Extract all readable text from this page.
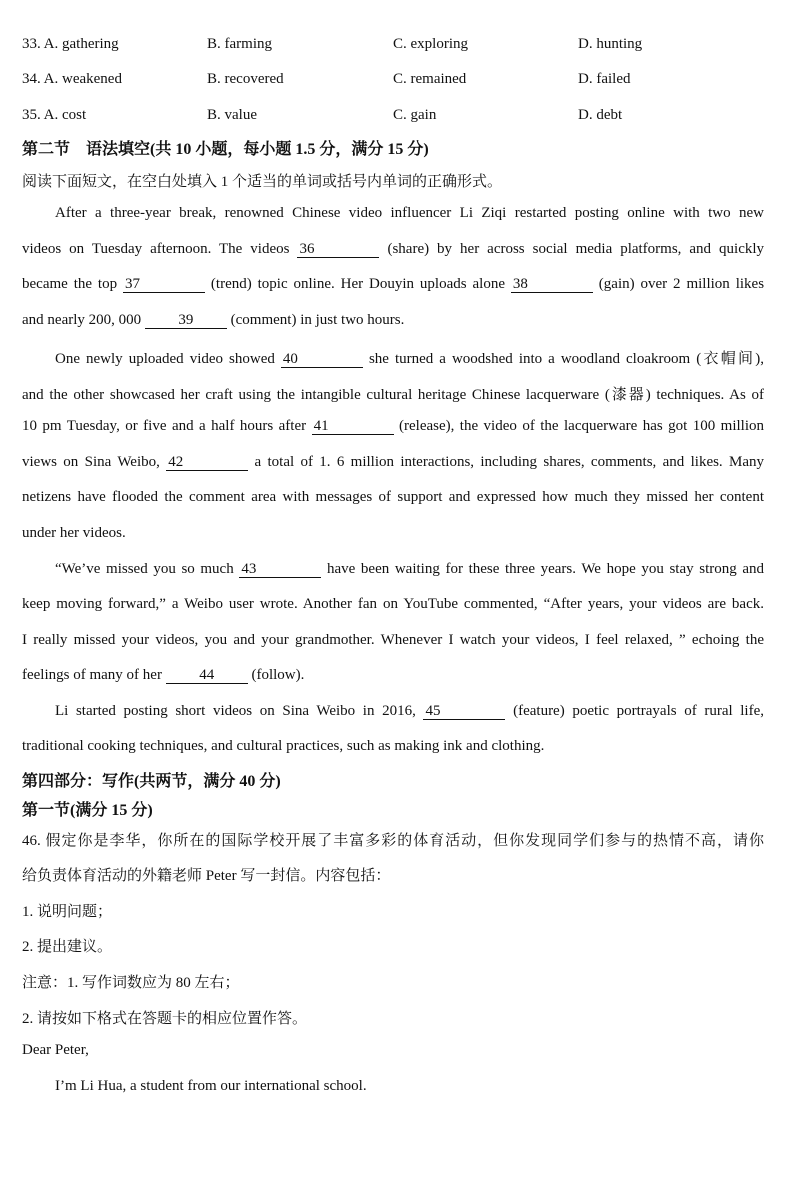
33. A. gathering	B. farming	C. exploring	D. hunting
34. A. weakened	B. recovered	C. remained	D. failed
35. A. cost	B. value	C. gain	D. debt
第二节　语法填空(共 10 小题，每小题 1.5 分，满分 15 分)
阅读下面短文，在空白处填入 1 个适当的单词或括号内单词的正确形式。
After a three-year break, renowned Chinese video influencer Li Ziqi restarted posting online with two new
videos on Tuesday afternoon. The videos 36	(share) by her across social media platforms, and quickly
became the top 37	(trend) topic online. Her Douyin uploads alone 38	(gain) over 2 million likes
and nearly 200, 000 39 (comment) in just two hours.
One newly uploaded video showed 40	she turned a woodshed into a woodland cloakroom (衣帽间),
and the other showcased her craft using the intangible cultural heritage Chinese lacquerware (漆器) techniques. As of
10 pm Tuesday, or five and a half hours after 41	(release), the video of the lacquerware has got 100 million
views on Sina Weibo, 42	a total of 1. 6 million interactions, including shares, comments, and likes. Many
netizens have flooded the comment area with messages of support and expressed how much they missed her content
under her videos.
“We’ve missed you so much 43	have been waiting for these three years. We hope you stay strong and
keep moving forward,” a Weibo user wrote. Another fan on YouTube commented, “After years, your videos are back.
I really missed your videos, you and your grandmother. Whenever I watch your videos, I feel relaxed, ” echoing the
feelings of many of her 44 (follow).
Li started posting short videos on Sina Weibo in 2016, 45	(feature) poetic portrayals of rural life,
traditional cooking techniques, and cultural practices, such as making ink and clothing.
第四部分：写作(共两节，满分 40 分)
第一节(满分 15 分)
46. 假定你是李华，你所在的国际学校开展了丰富多彩的体育活动，但你发现同学们参与的热情不高，请你
给负责体育活动的外籍老师 Peter 写一封信。内容包括：
1. 说明问题；
2. 提出建议。
注意：1. 写作词数应为 80 左右；
2. 请按如下格式在答题卡的相应位置作答。
Dear Peter,
I’m Li Hua, a student from our international school.
